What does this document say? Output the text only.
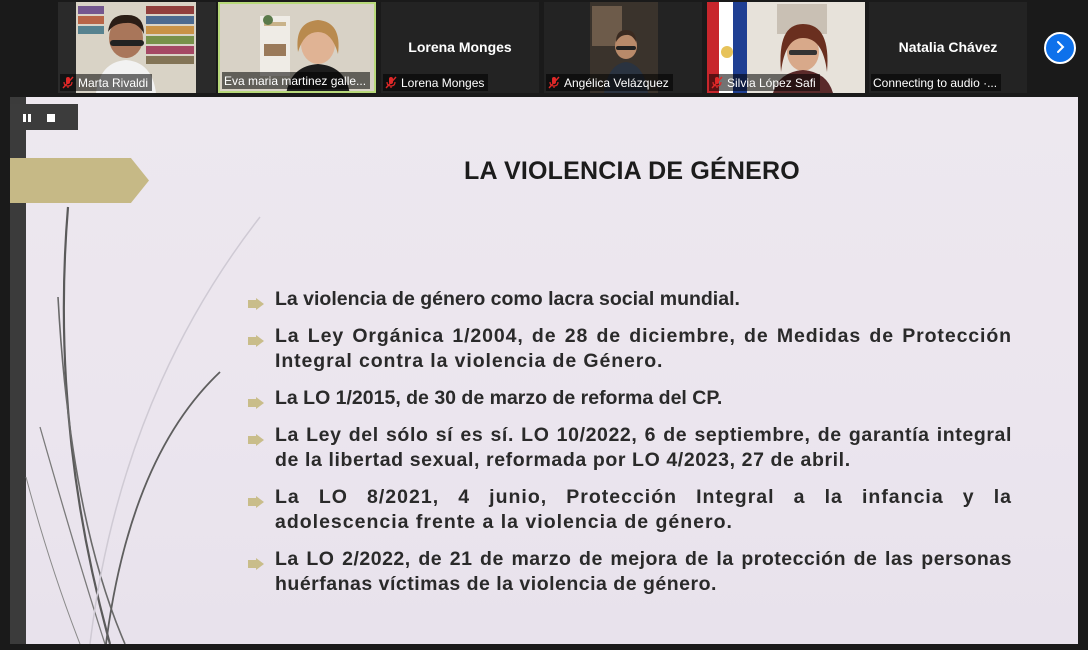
Marta Rivaldi	Eva maria martinez galle...
Lorena Monges
Lorena Monges	Angélica Velázquez	Silvia López Safi
Natalia Chávez
Connecting to audio ·...
LA VIOLENCIA DE GÉNERO
La violencia de género como lacra social mundial.
La Ley Orgánica 1/2004, de 28 de diciembre, de Medidas de Protección Integral contra la violencia de Género.
La LO 1/2015, de 30 de marzo de reforma del CP.
La Ley del sólo sí es sí. LO 10/2022, 6 de septiembre, de garantía integral de la libertad sexual, reformada por LO 4/2023, 27 de abril.
La LO 8/2021, 4 junio, Protección Integral a la infancia y la adolescencia frente a la violencia de género.
La LO 2/2022, de 21 de marzo de mejora de la protección de las personas huérfanas víctimas de la violencia de género.
